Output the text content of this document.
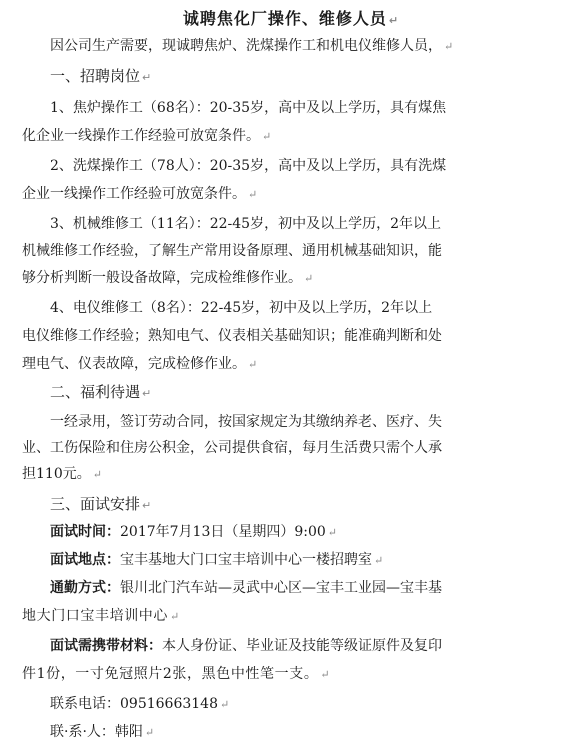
诚聘焦化厂操作、维修人员 ↵
因公司生产需要，现诚聘焦炉、洗煤操作工和机电仪维修人员， ↵
一、招聘岗位 ↵
1、焦炉操作工（68名）：20-35岁，高中及以上学历，具有煤焦
化企业一线操作工作经验可放宽条件。 ↵
2、洗煤操作工（78人）：20-35岁，高中及以上学历，具有洗煤
企业一线操作工作经验可放宽条件。 ↵
3、机械维修工（11名）：22-45岁，初中及以上学历，2年以上
机械维修工作经验，了解生产常用设备原理、通用机械基础知识，能
够分析判断一般设备故障，完成检维修作业。 ↵
4、电仪维修工（8名）：22-45岁，初中及以上学历，2年以上
电仪维修工作经验；熟知电气、仪表相关基础知识；能准确判断和处
理电气、仪表故障，完成检修作业。 ↵
二、福利待遇 ↵
一经录用，签订劳动合同，按国家规定为其缴纳养老、医疗、失
业、工伤保险和住房公积金，公司提供食宿，每月生活费只需个人承
担110元。 ↵
三、面试安排 ↵
面试时间：2017年7月13日（星期四）9:00 ↵
面试地点：宝丰基地大门口宝丰培训中心一楼招聘室 ↵
通勤方式：银川北门汽车站—灵武中心区—宝丰工业园—宝丰基
地大门口宝丰培训中心 ↵
面试需携带材料：本人身份证、毕业证及技能等级证原件及复印
件1份，一寸免冠照片2张，黑色中性笔一支。 ↵
联系电话：09516663148 ↵
联·系·人：韩阳 ↵
